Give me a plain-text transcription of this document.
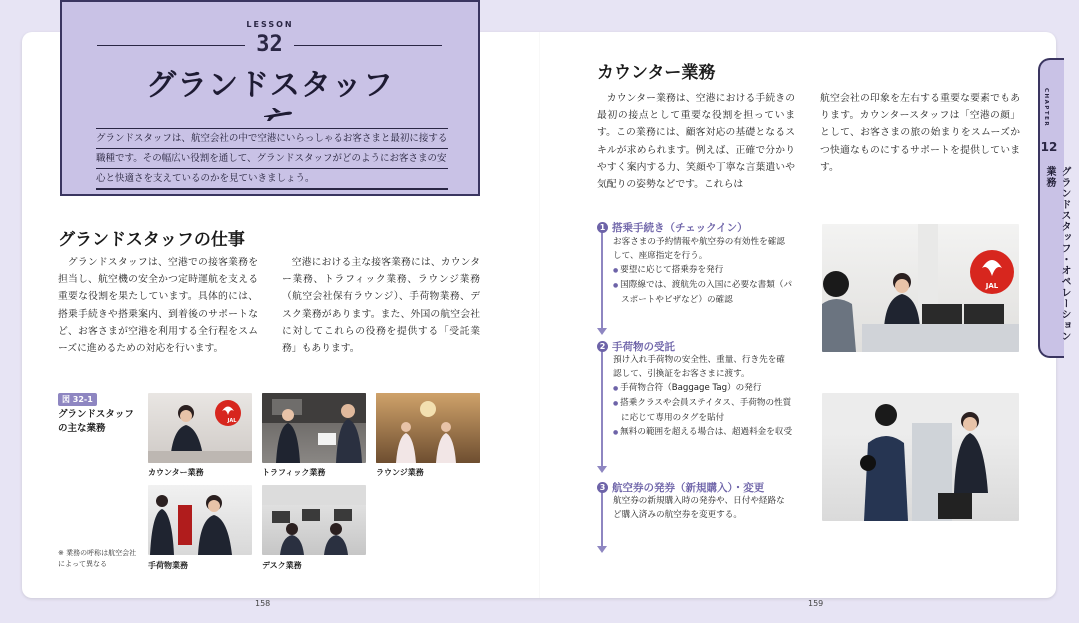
LESSON
32
グランドスタッフ
グランドスタッフは、航空会社の中で空港にいらっしゃるお客さまと最初に接する職種です。その幅広い役割を通して、グランドスタッフがどのようにお客さまの安心と快適さを支えているのかを見ていきましょう。
グランドスタッフの仕事
グランドスタッフは、空港での接客業務を担当し、航空機の安全かつ定時運航を支える重要な役割を果たしています。具体的には、搭乗手続きや搭乗案内、到着後のサポートなど、お客さまが空港を利用する全行程をスムーズに進めるための対応を行います。
空港における主な接客業務には、カウンター業務、トラフィック業務、ラウンジ業務（航空会社保有ラウンジ）、手荷物業務、デスク業務があります。また、外国の航空会社に対してこれらの役務を提供する「受託業務」もあります。
図 32-1
グランドスタッフの主な業務
※ 業務の呼称は航空会社によって異なる
JAL
カウンター業務	トラフィック業務	ラウンジ業務
手荷物業務	デスク業務
158
カウンター業務
カウンター業務は、空港における手続きの最初の接点として重要な役割を担っています。この業務には、顧客対応の基礎となるスキルが求められます。例えば、正確で分かりやすく案内する力、笑顔や丁寧な言葉遣いや気配りの姿勢などです。これらは
航空会社の印象を左右する重要な要素でもあります。カウンタースタッフは「空港の顔」として、お客さまの旅の始まりをスムーズかつ快適なものにするサポートを提供しています。
1 搭乗手続き（チェックイン）
お客さまの予約情報や航空券の有効性を確認して、座席指定を行う。
● 要望に応じて搭乗券を発行
● 国際線では、渡航先の入国に必要な書類（パスポートやビザなど）の確認
2 手荷物の受託
預け入れ手荷物の安全性、重量、行き先を確認して、引換証をお客さまに渡す。
● 手荷物合符（Baggage Tag）の発行
● 搭乗クラスや会員ステイタス、手荷物の性質に応じて専用のタグを貼付
● 無料の範囲を超える場合は、超過料金を収受
3 航空券の発券（新規購入）・変更
航空券の新規購入時の発券や、日付や経路など購入済みの航空券を変更する。
JAL
159
CHAPTER
12
グランドスタッフ・オペレーション業務
